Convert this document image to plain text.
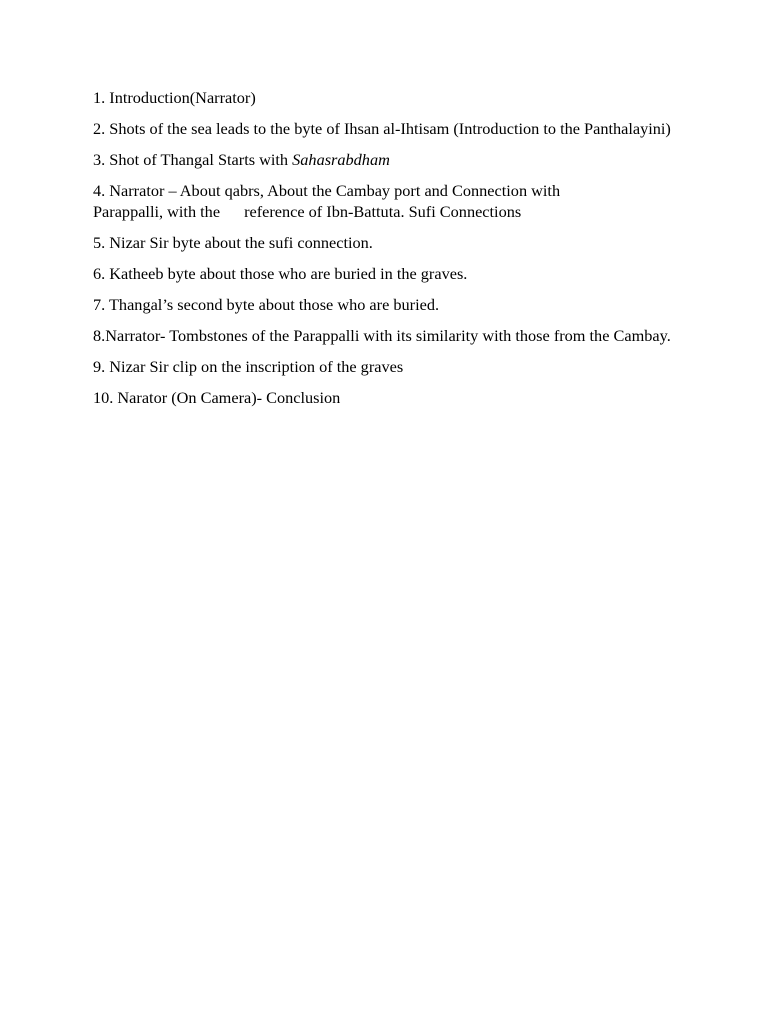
1. Introduction(Narrator)

2. Shots of the sea leads to the byte of Ihsan al-Ihtisam (Introduction to the Panthalayini)

3. Shot of Thangal Starts with Sahasrabdham

4. Narrator – About qabrs, About the Cambay port and Connection with
Parappalli, with the reference of Ibn-Battuta. Sufi Connections

5. Nizar Sir byte about the sufi connection.

6. Katheeb byte about those who are buried in the graves.

7. Thangal’s second byte about those who are buried.

8.Narrator- Tombstones of the Parappalli with its similarity with those from the Cambay.

9. Nizar Sir clip on the inscription of the graves

10. Narator (On Camera)- Conclusion
